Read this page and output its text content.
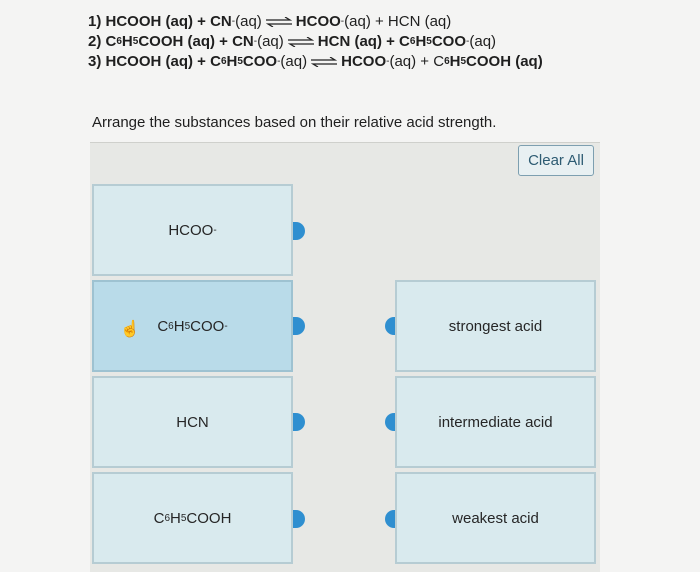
1) HCOOH (aq) + CN - (aq) ⇌ HCOO - (aq) + HCN (aq)
2) C 6 H 5 COOH (aq) + CN - (aq) ⇌ HCN (aq) + C 6 H 5 COO - (aq)
3) HCOOH (aq) + C 6 H 5 COO - (aq) ⇌ HCOO - (aq) + C 6 H 5 COOH (aq)
Arrange the substances based on their relative acid strength.
Clear All
HCOO -
C 6 H 5 COO -
☝
HCN
C 6 H 5 COOH
strongest acid
intermediate acid
weakest acid
